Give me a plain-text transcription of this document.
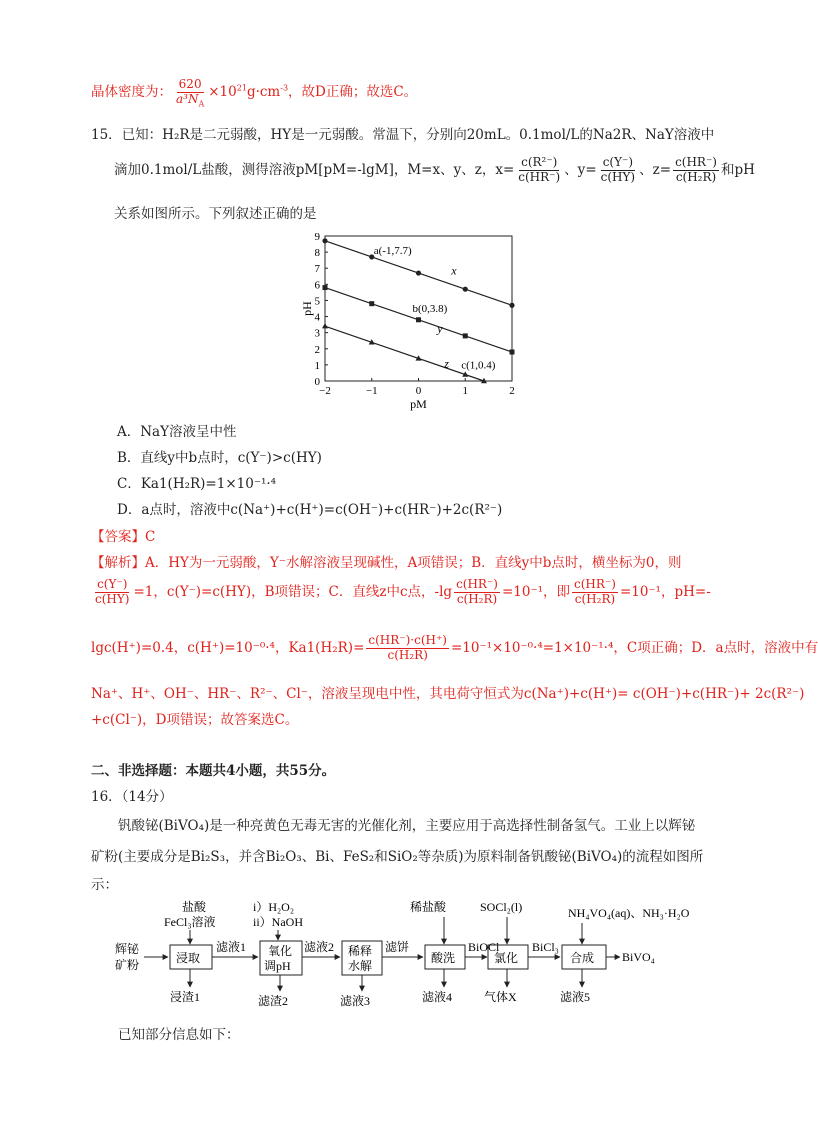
晶体密度为： $\frac{620}{a^3N_A} \times 10^{21}g\cdot cm^{-3}$，故D正确；故选C。
15．已知：H₂R是二元弱酸，HY是一元弱酸。常温下，分别向20mL。0.1mol/L的Na2R、NaY溶液中
滴加0.1mol/L盐酸，测得溶液pM[pM=-lgM]，M=x、y、z，$x= \frac{\text{c(R²⁻)}}{c(HR^-)}$ 、$y= \frac{c(Y^-)}{c(HY)}$ 、$z= \frac{c(HR^-)}{\text{c(H₂R)}}$ 和pH
关系如图所示。下列叙述正确的是
0
1
2
3
4
5
6
7
8
9
−2	−1	0	1	2
pM
pH
x
y
z
a(-1,7.7)
b(0,3.8)
c(1,0.4)
A．NaY溶液呈中性
B．直线y中b点时，c(Y⁻)>c(HY)
C．Ka1(H₂R)=1×10⁻¹·⁴
D．a点时，溶液中c(Na⁺)+c(H⁺)=c(OH⁻)+c(HR⁻)+2c(R²⁻)
【答案】C
【解析】A．HY为一元弱酸，Y⁻水解溶液呈现碱性，A项错误；B．直线y中b点时，横坐标为0，则
$\frac{c(Y^-)}{c(HY)} =1$，c(Y⁻)=c(HY)，B项错误；C．直线z中c点，$-\lg \frac{c(HR^-)}{\text{c(H₂R)}} =10^{-1}$，即 $\frac{c(HR^-)}{\text{c(H₂R)}} =10^{-1}$，pH=-
lgc(H⁺)=0.4，c(H⁺)=10⁻⁰·⁴，$Ka1(H_2R)= \frac{c(HR^-)\cdot c(H^+)}{\text{c(H₂R)}} =10^{-1}\times 10^{-0}\cdot^4=1\times 10^{-1}\cdot^4$，C项正确；D．a点时，溶液中有
Na⁺、H⁺、OH⁻、HR⁻、R²⁻、Cl⁻，溶液呈现电中性，其电荷守恒式为c(Na⁺)+c(H⁺)= c(OH⁻)+c(HR⁻)+ 2c(R²⁻)
+c(Cl⁻)，D项错误；故答案选C。
二、非选择题：本题共4小题，共55分。
16．（14分）
钒酸铋(BiVO₄)是一种亮黄色无毒无害的光催化剂，主要应用于高选择性制备氢气。工业上以辉铋
矿粉(主要成分是Bi₂S₃，并含Bi₂O₃、Bi、FeS₂和SiO₂等杂质)为原料制备钒酸铋(BiVO₄)的流程如图所
示：
辉铋
矿粉
盐酸
FeCl₃溶液
浸取
浸渣1
滤液1
i）H₂O₂
ii）NaOH
氧化
调pH
滤渣2
滤液2 稀释
水解
滤液3
滤饼
稀盐酸
酸洗
滤液4
BiOCl
SOCl₂(l)
氯化
气体X
BiCl₃
NH₄VO₄(aq)、NH₃·H₂O
合成
滤液5
BiVO₄
已知部分信息如下：
